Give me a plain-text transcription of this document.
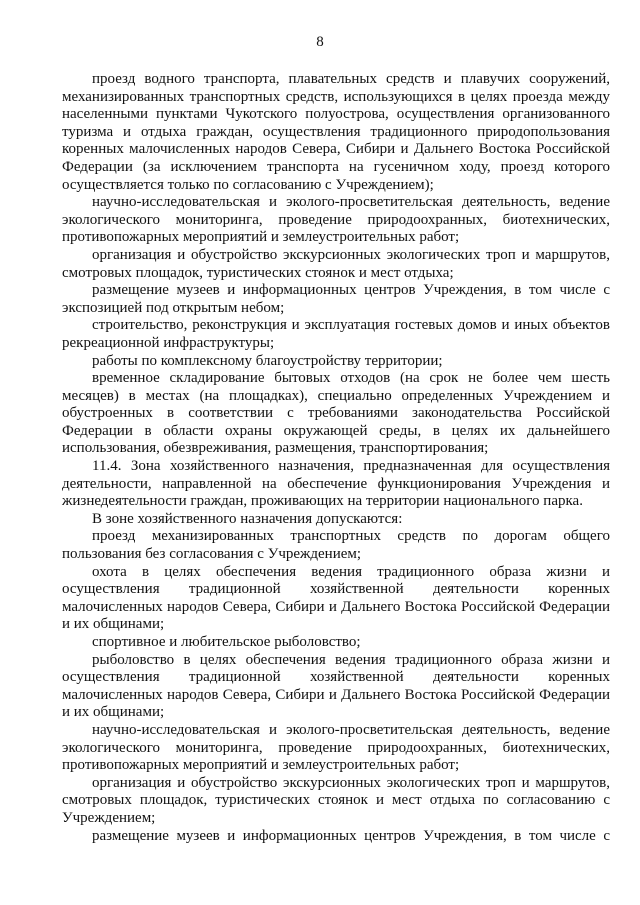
8

проезд водного транспорта, плавательных средств и плавучих сооружений, механизированных транспортных средств, использующихся в целях проезда между населенными пунктами Чукотского полуострова, осуществления организованного туризма и отдыха граждан, осуществления традиционного природопользования коренных малочисленных народов Севера, Сибири и Дальнего Востока Российской Федерации (за исключением транспорта на гусеничном ходу, проезд которого осуществляется только по согласованию с Учреждением);

научно-исследовательская и эколого-просветительская деятельность, ведение экологического мониторинга, проведение природоохранных, биотехнических, противопожарных мероприятий и землеустроительных работ;

организация и обустройство экскурсионных экологических троп и маршрутов, смотровых площадок, туристических стоянок и мест отдыха;

размещение музеев и информационных центров Учреждения, в том числе с экспозицией под открытым небом;

строительство, реконструкция и эксплуатация гостевых домов и иных объектов рекреационной инфраструктуры;

работы по комплексному благоустройству территории;

временное складирование бытовых отходов (на срок не более чем шесть месяцев) в местах (на площадках), специально определенных Учреждением и обустроенных в соответствии с требованиями законодательства Российской Федерации в области охраны окружающей среды, в целях их дальнейшего использования, обезвреживания, размещения, транспортирования;

11.4. Зона хозяйственного назначения, предназначенная для осуществления деятельности, направленной на обеспечение функционирования Учреждения и жизнедеятельности граждан, проживающих на территории национального парка.

В зоне хозяйственного назначения допускаются:

проезд механизированных транспортных средств по дорогам общего пользования без согласования с Учреждением;

охота в целях обеспечения ведения традиционного образа жизни и осуществления традиционной хозяйственной деятельности коренных малочисленных народов Севера, Сибири и Дальнего Востока Российской Федерации и их общинами;

спортивное и любительское рыболовство;

рыболовство в целях обеспечения ведения традиционного образа жизни и осуществления традиционной хозяйственной деятельности коренных малочисленных народов Севера, Сибири и Дальнего Востока Российской Федерации и их общинами;

научно-исследовательская и эколого-просветительская деятельность, ведение экологического мониторинга, проведение природоохранных, биотехнических, противопожарных мероприятий и землеустроительных работ;

организация и обустройство экскурсионных экологических троп и маршрутов, смотровых площадок, туристических стоянок и мест отдыха по согласованию с Учреждением;

размещение музеев и информационных центров Учреждения, в том числе с
